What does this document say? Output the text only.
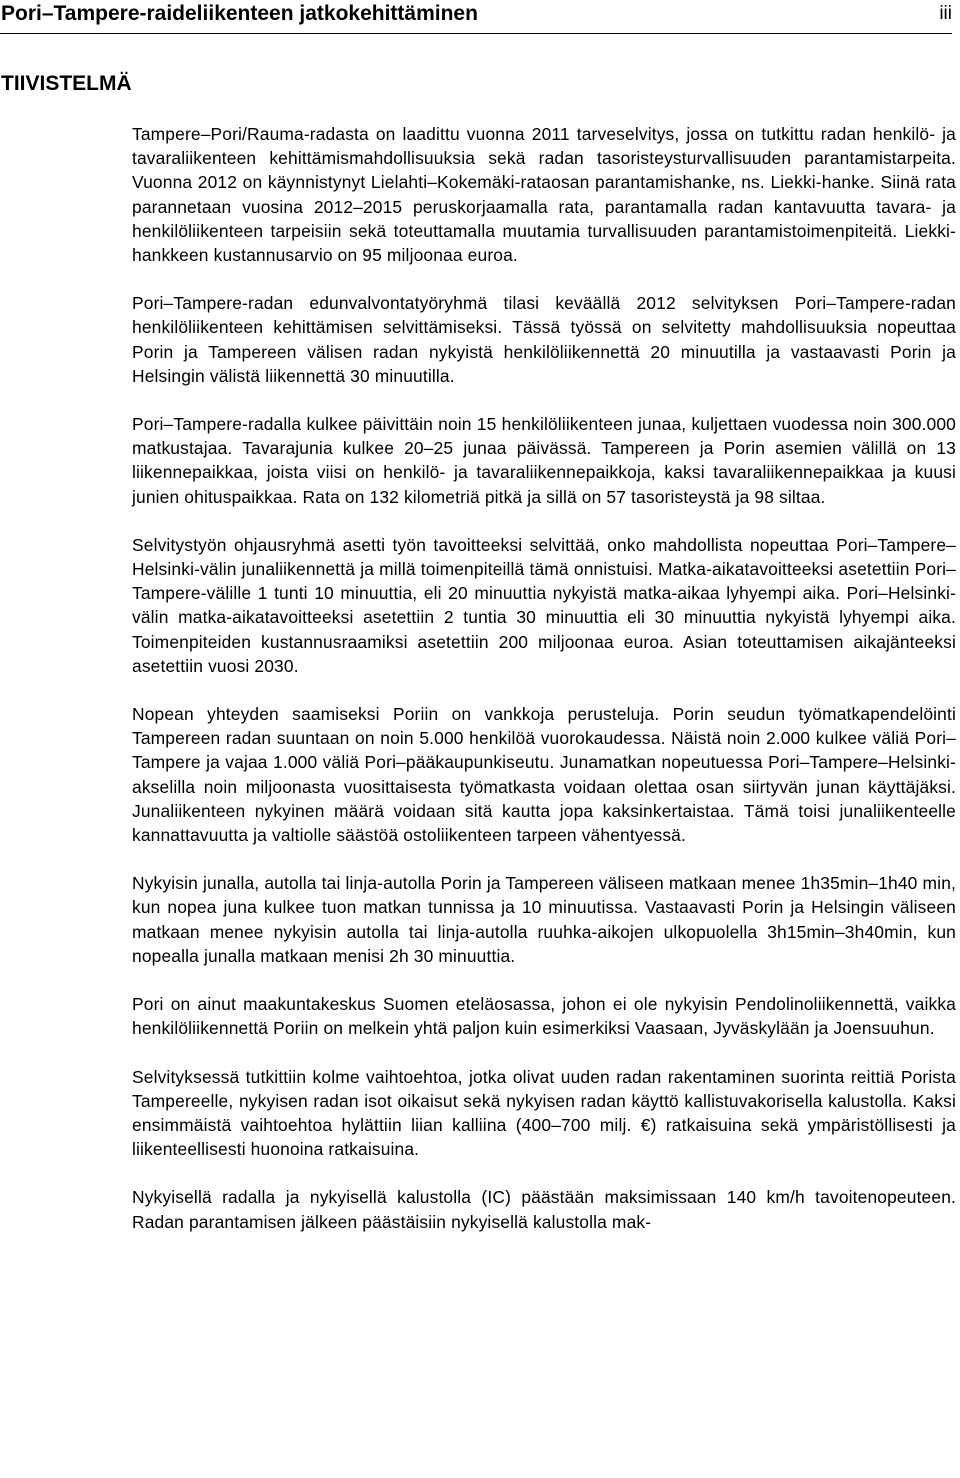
Pori–Tampere-raideliikenteen jatkokehittäminen	iii
TIIVISTELMÄ

Tampere–Pori/Rauma-radasta on laadittu vuonna 2011 tarveselvitys, jossa on tutkittu radan henkilö- ja tavaraliikenteen kehittämismahdollisuuksia sekä radan tasoristeysturvallisuuden parantamistarpeita. Vuonna 2012 on käynnistynyt Lielahti–Kokemäki-rataosan parantamishanke, ns. Liekki-hanke. Siinä rata parannetaan vuosina 2012–2015 peruskorjaamalla rata, parantamalla radan kantavuutta tavara- ja henkilöliikenteen tarpeisiin sekä toteuttamalla muutamia turvallisuuden parantamistoimenpiteitä. Liekki-hankkeen kustannusarvio on 95 miljoonaa euroa.

Pori–Tampere-radan edunvalvontatyöryhmä tilasi keväällä 2012 selvityksen Pori–Tampere-radan henkilöliikenteen kehittämisen selvittämiseksi. Tässä työssä on selvitetty mahdollisuuksia nopeuttaa Porin ja Tampereen välisen radan nykyistä henkilöliikennettä 20 minuutilla ja vastaavasti Porin ja Helsingin välistä liikennettä 30 minuutilla.

Pori–Tampere-radalla kulkee päivittäin noin 15 henkilöliikenteen junaa, kuljettaen vuodessa noin 300.000 matkustajaa. Tavarajunia kulkee 20–25 junaa päivässä. Tampereen ja Porin asemien välillä on 13 liikennepaikkaa, joista viisi on henkilö- ja tavaraliikennepaikkoja, kaksi tavaraliikennepaikkaa ja kuusi junien ohituspaikkaa. Rata on 132 kilometriä pitkä ja sillä on 57 tasoristeystä ja 98 siltaa.

Selvitystyön ohjausryhmä asetti työn tavoitteeksi selvittää, onko mahdollista nopeuttaa Pori–Tampere–Helsinki-välin junaliikennettä ja millä toimenpiteillä tämä onnistuisi. Matka-aikatavoitteeksi asetettiin Pori–Tampere-välille 1 tunti 10 minuuttia, eli 20 minuuttia nykyistä matka-aikaa lyhyempi aika. Pori–Helsinki-välin matka-aikatavoitteeksi asetettiin 2 tuntia 30 minuuttia eli 30 minuuttia nykyistä lyhyempi aika. Toimenpiteiden kustannusraamiksi asetettiin 200 miljoonaa euroa. Asian toteuttamisen aikajänteeksi asetettiin vuosi 2030.

Nopean yhteyden saamiseksi Poriin on vankkoja perusteluja. Porin seudun työmatkapendelöinti Tampereen radan suuntaan on noin 5.000 henkilöä vuorokaudessa. Näistä noin 2.000 kulkee väliä Pori–Tampere ja vajaa 1.000 väliä Pori–pääkaupunkiseutu. Junamatkan nopeutuessa Pori–Tampere–Helsinki-akselilla noin miljoonasta vuosittaisesta työmatkasta voidaan olettaa osan siirtyvän junan käyttäjäksi. Junaliikenteen nykyinen määrä voidaan sitä kautta jopa kaksinkertaistaa. Tämä toisi junaliikenteelle kannattavuutta ja valtiolle säästöä ostoliikenteen tarpeen vähentyessä.

Nykyisin junalla, autolla tai linja-autolla Porin ja Tampereen väliseen matkaan menee 1h35min–1h40 min, kun nopea juna kulkee tuon matkan tunnissa ja 10 minuutissa. Vastaavasti Porin ja Helsingin väliseen matkaan menee nykyisin autolla tai linja-autolla ruuhka-aikojen ulkopuolella 3h15min–3h40min, kun nopealla junalla matkaan menisi 2h 30 minuuttia.

Pori on ainut maakuntakeskus Suomen eteläosassa, johon ei ole nykyisin Pendolinoliikennettä, vaikka henkilöliikennettä Poriin on melkein yhtä paljon kuin esimerkiksi Vaasaan, Jyväskylään ja Joensuuhun.

Selvityksessä tutkittiin kolme vaihtoehtoa, jotka olivat uuden radan rakentaminen suorinta reittiä Porista Tampereelle, nykyisen radan isot oikaisut sekä nykyisen radan käyttö kallistuvakorisella kalustolla. Kaksi ensimmäistä vaihtoehtoa hylättiin liian kalliina (400–700 milj. €) ratkaisuina sekä ympäristöllisesti ja liikenteellisesti huonoina ratkaisuina.

Nykyisellä radalla ja nykyisellä kalustolla (IC) päästään maksimissaan 140 km/h tavoitenopeuteen. Radan parantamisen jälkeen päästäisiin nykyisellä kalustolla mak-
